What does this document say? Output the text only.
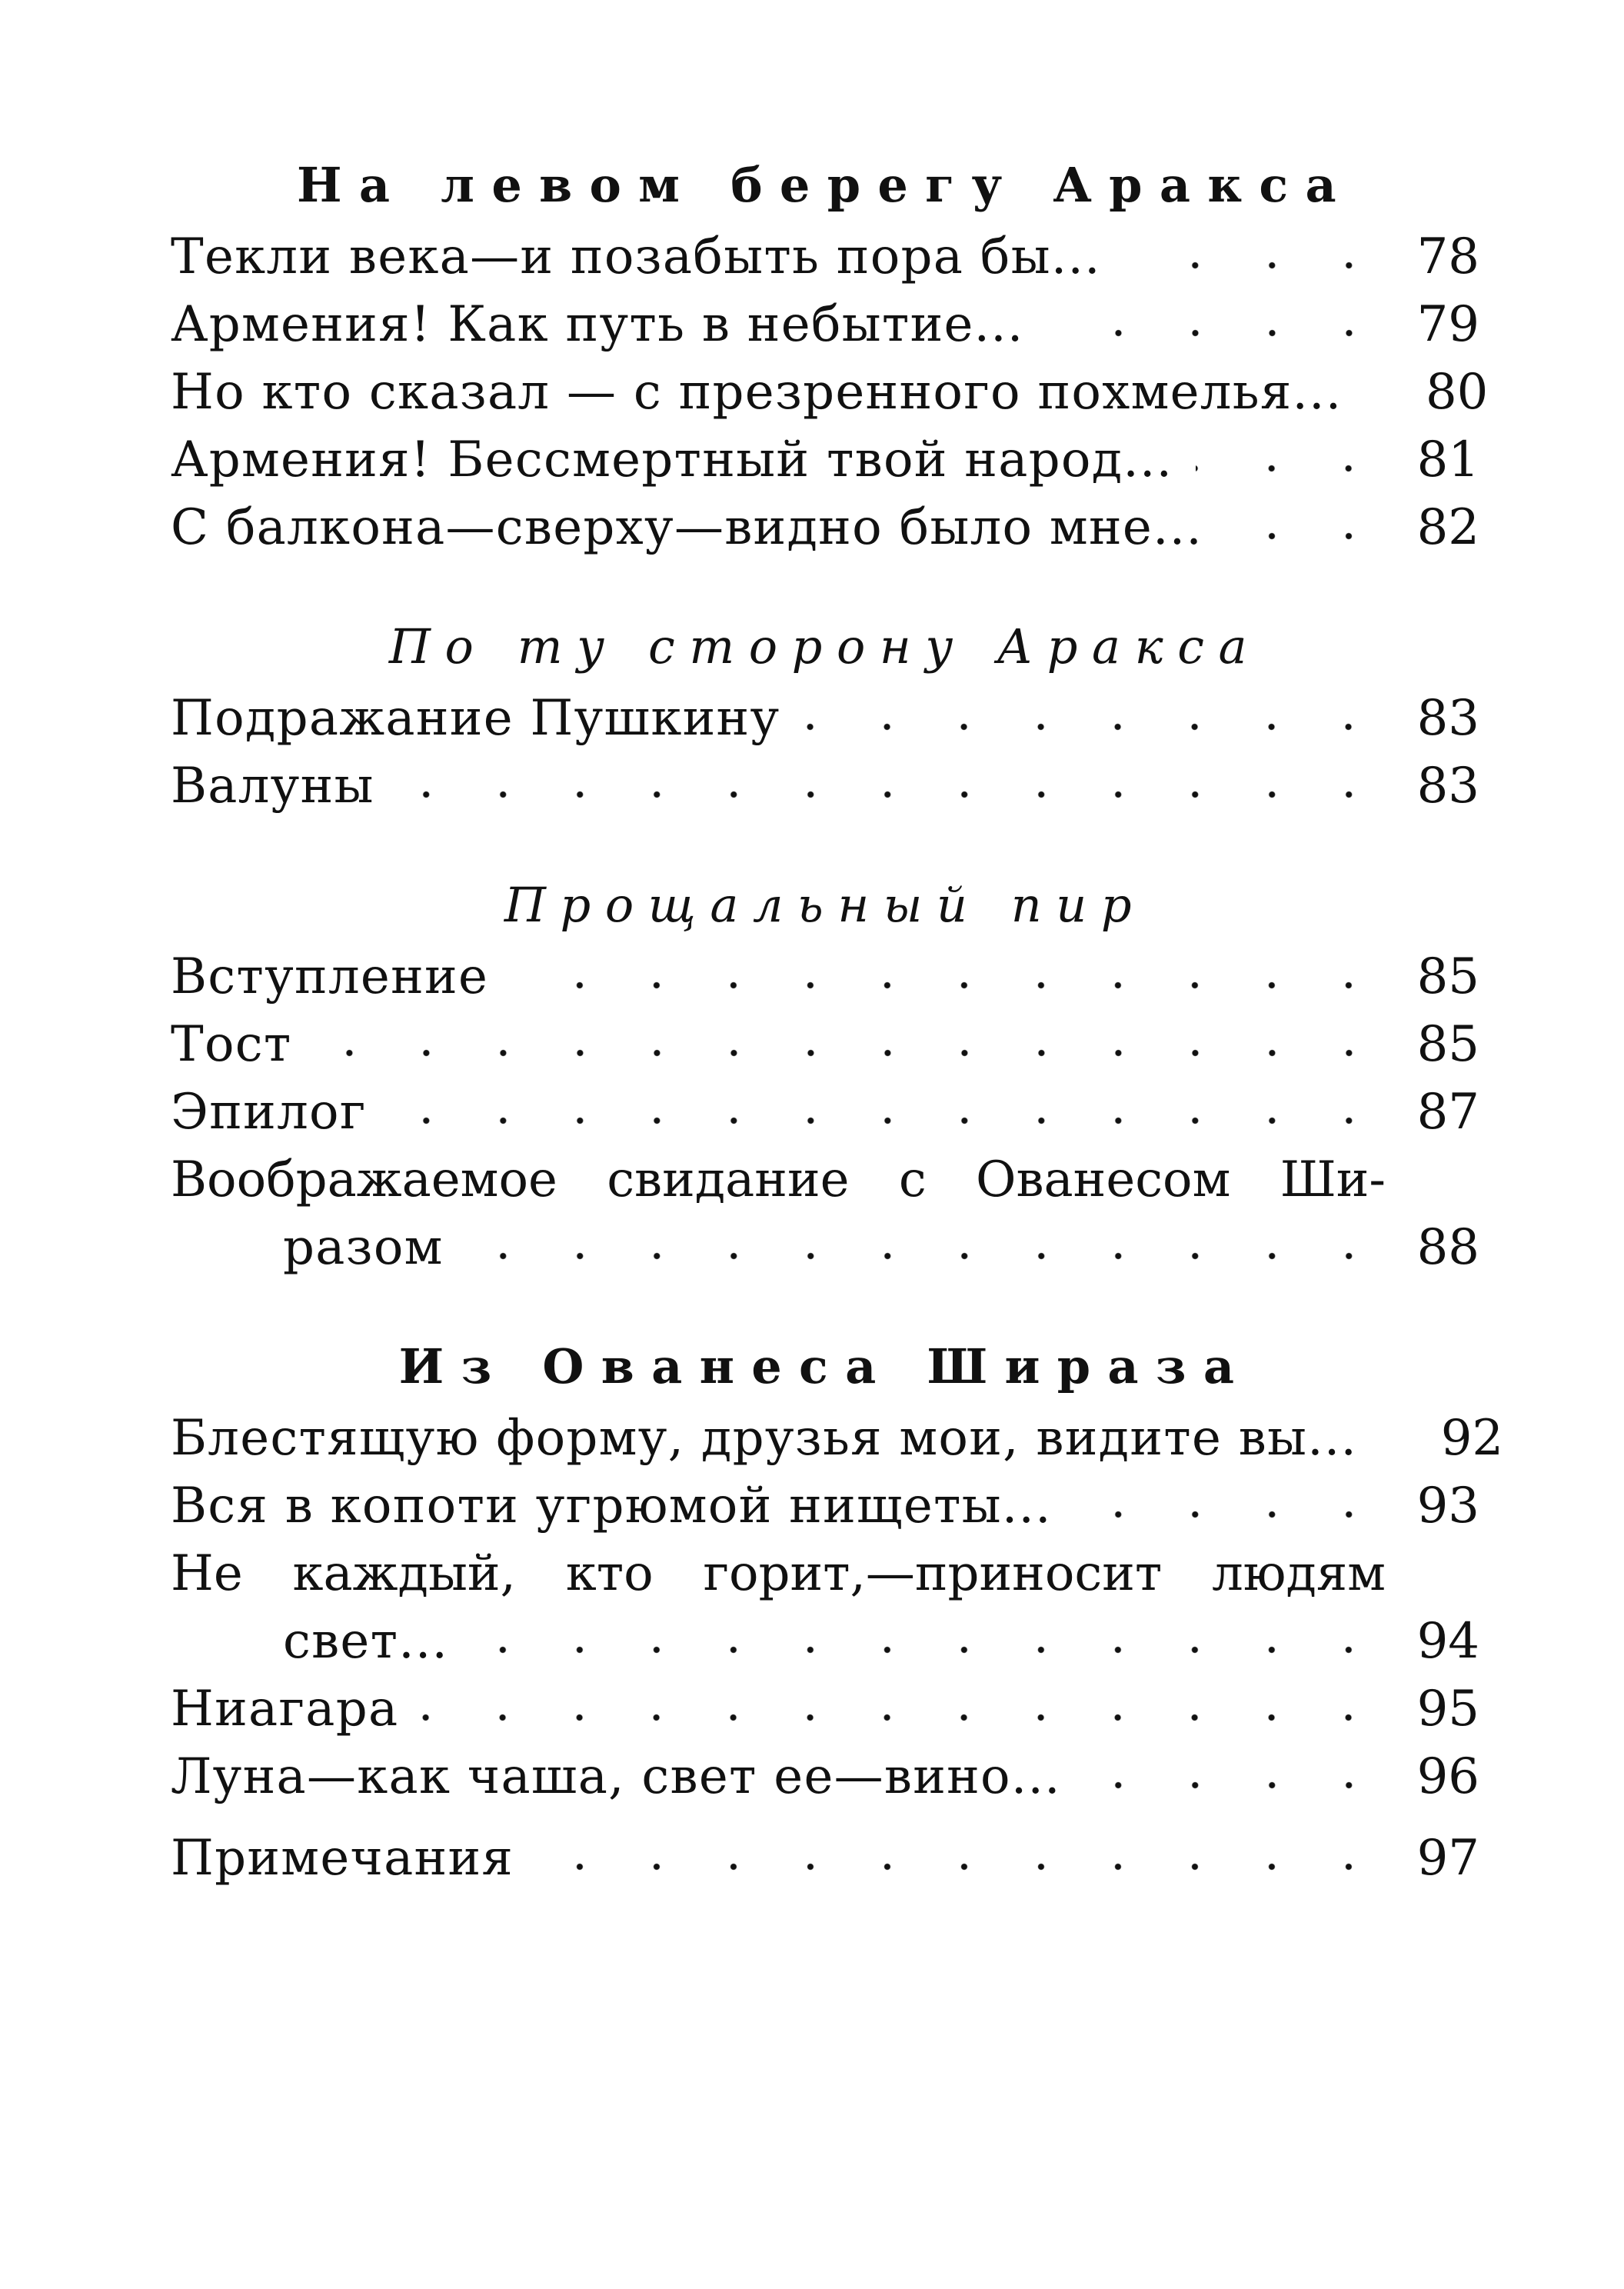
На левом берегу Аракса
Текли века—и позабыть пора бы...	78
Армения! Как путь в небытие...	79
Но кто сказал — с презренного похмелья... 80
Армения! Бессмертный твой народ...	81
С балкона—сверху—видно было мне...	82
По ту сторону Аракса
Подражание Пушкину	83
Валуны	83
Прощальный пир
Вступление	85
Тост	85
Эпилог	87
Воображаемое свидание с Ованесом Ши-
разом	88
Из Ованеса Шираза
Блестящую форму, друзья мои, видите вы... 92
Вся в копоти угрюмой нищеты...	93
Не каждый, кто горит,—приносит людям
свет...	94
Ниагара	95
Луна—как чаша, свет ее—вино...	96
Примечания	97
